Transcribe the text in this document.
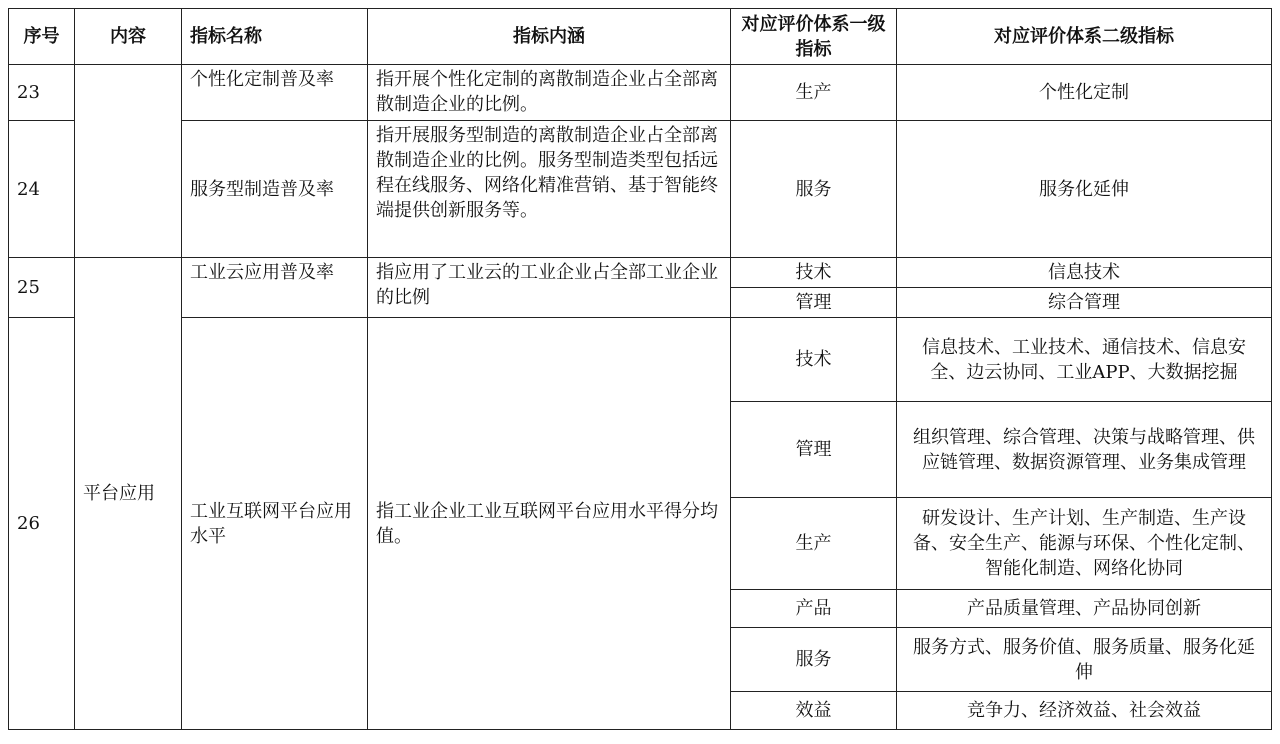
序号	内容	指标名称	指标内涵	对应评价体系一级指标	对应评价体系二级指标
23		个性化定制普及率	指开展个性化定制的离散制造企业占全部离散制造企业的比例。	生产	个性化定制
24		服务型制造普及率	指开展服务型制造的离散制造企业占全部离散制造企业的比例。服务型制造类型包括远程在线服务、网络化精准营销、基于智能终端提供创新服务等。	服务	服务化延伸
25	平台应用	工业云应用普及率	指应用了工业云的工业企业占全部工业企业的比例	技术	信息技术
				管理	综合管理
26		工业互联网平台应用水平	指工业企业工业互联网平台应用水平得分均值。	技术	信息技术、工业技术、通信技术、信息安全、边云协同、工业APP、大数据挖掘
				管理	组织管理、综合管理、决策与战略管理、供应链管理、数据资源管理、业务集成管理
				生产	研发设计、生产计划、生产制造、生产设备、安全生产、能源与环保、个性化定制、智能化制造、网络化协同
				产品	产品质量管理、产品协同创新
				服务	服务方式、服务价值、服务质量、服务化延伸
				效益	竞争力、经济效益、社会效益
